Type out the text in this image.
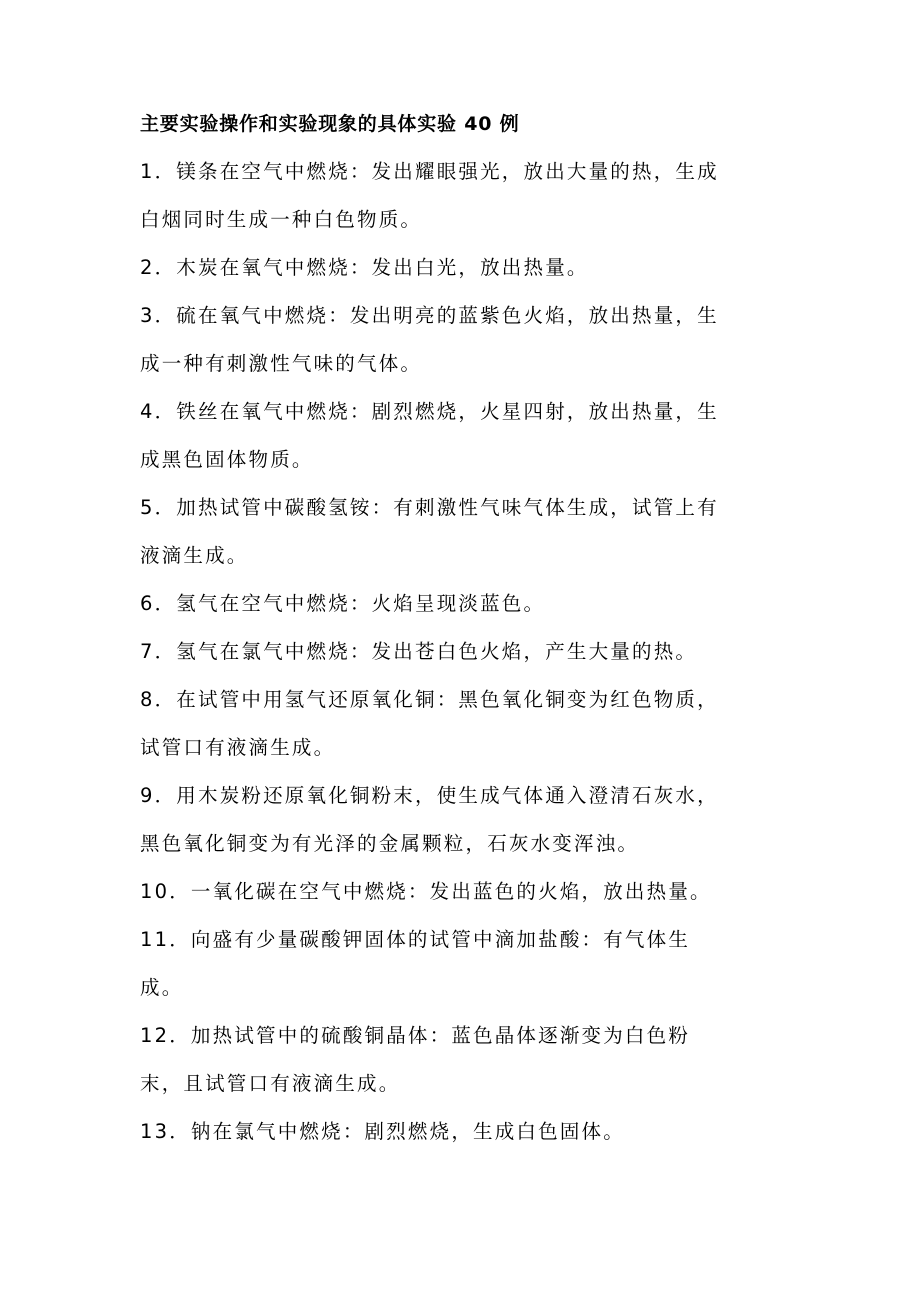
主要实验操作和实验现象的具体实验 40 例
1．镁条在空气中燃烧：发出耀眼强光，放出大量的热，生成
白烟同时生成一种白色物质。
2．木炭在氧气中燃烧：发出白光，放出热量。
3．硫在氧气中燃烧：发出明亮的蓝紫色火焰，放出热量，生
成一种有刺激性气味的气体。
4．铁丝在氧气中燃烧：剧烈燃烧，火星四射，放出热量，生
成黑色固体物质。
5．加热试管中碳酸氢铵：有刺激性气味气体生成，试管上有
液滴生成。
6．氢气在空气中燃烧：火焰呈现淡蓝色。
7．氢气在氯气中燃烧：发出苍白色火焰，产生大量的热。
8．在试管中用氢气还原氧化铜：黑色氧化铜变为红色物质，
试管口有液滴生成。
9．用木炭粉还原氧化铜粉末，使生成气体通入澄清石灰水，
黑色氧化铜变为有光泽的金属颗粒，石灰水变浑浊。
10．一氧化碳在空气中燃烧：发出蓝色的火焰，放出热量。
11．向盛有少量碳酸钾固体的试管中滴加盐酸：有气体生
成。
12．加热试管中的硫酸铜晶体：蓝色晶体逐渐变为白色粉
末，且试管口有液滴生成。
13．钠在氯气中燃烧：剧烈燃烧，生成白色固体。
